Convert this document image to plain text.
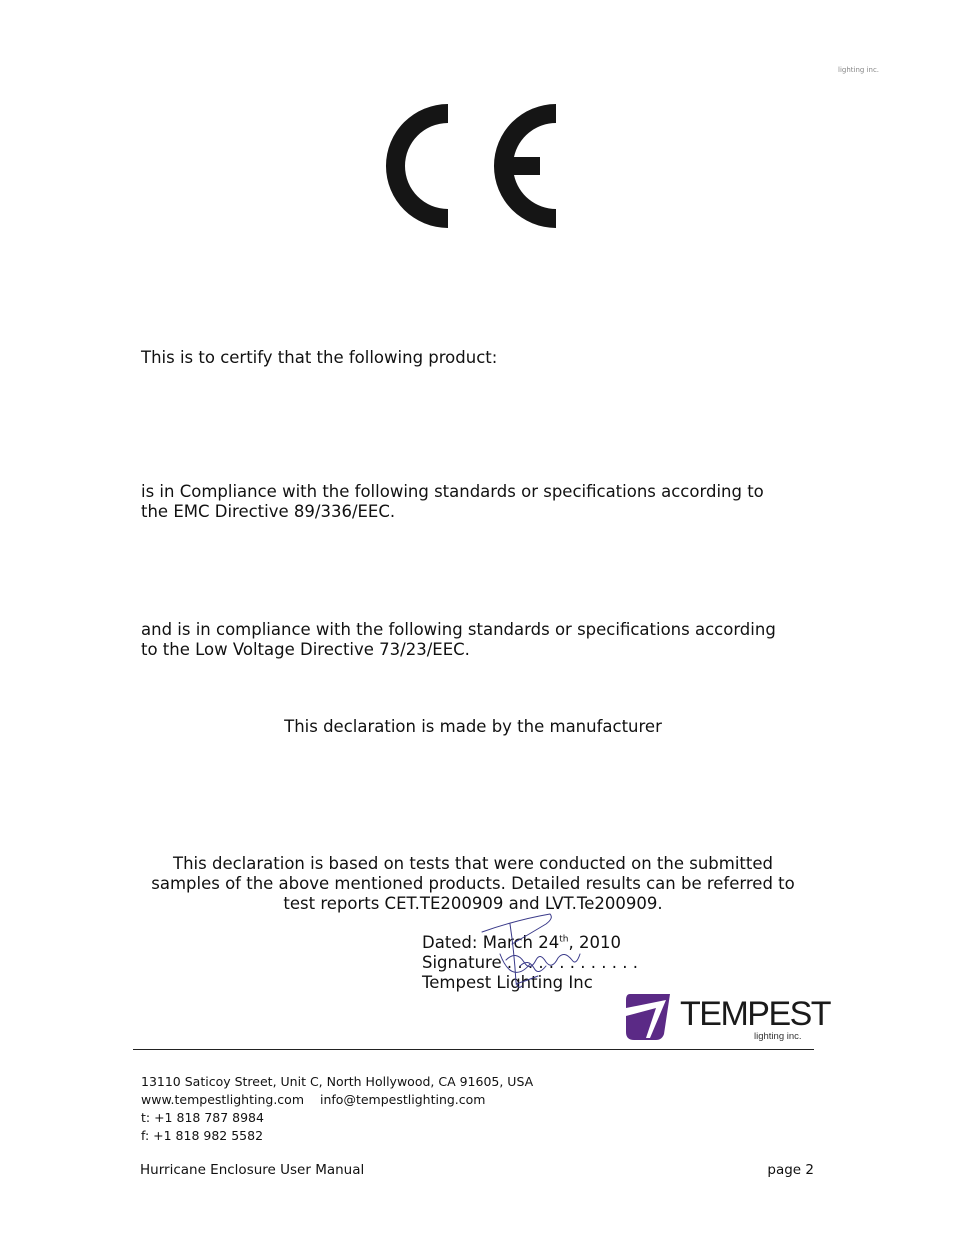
lighting inc.
This is to certify that the following product:
is in Compliance with the following standards or specifications according to
the EMC Directive 89/336/EEC.
and is in compliance with the following standards or specifications according
to the Low Voltage Directive 73/23/EEC.
This declaration is made by the manufacturer
This declaration is based on tests that were conducted on the submitted
samples of the above mentioned products. Detailed results can be referred to
test reports CET.TE200909 and LVT.Te200909.
Dated: March 24th, 2010
Signature . . . . . . . . . . . . .
Tempest Lighting Inc
TEMPEST
lighting inc.
13110 Saticoy Street, Unit C, North Hollywood, CA 91605, USA
www.tempestlighting.com info@tempestlighting.com
t: +1 818 787 8984
f: +1 818 982 5582
Hurricane Enclosure User Manual	page 2
